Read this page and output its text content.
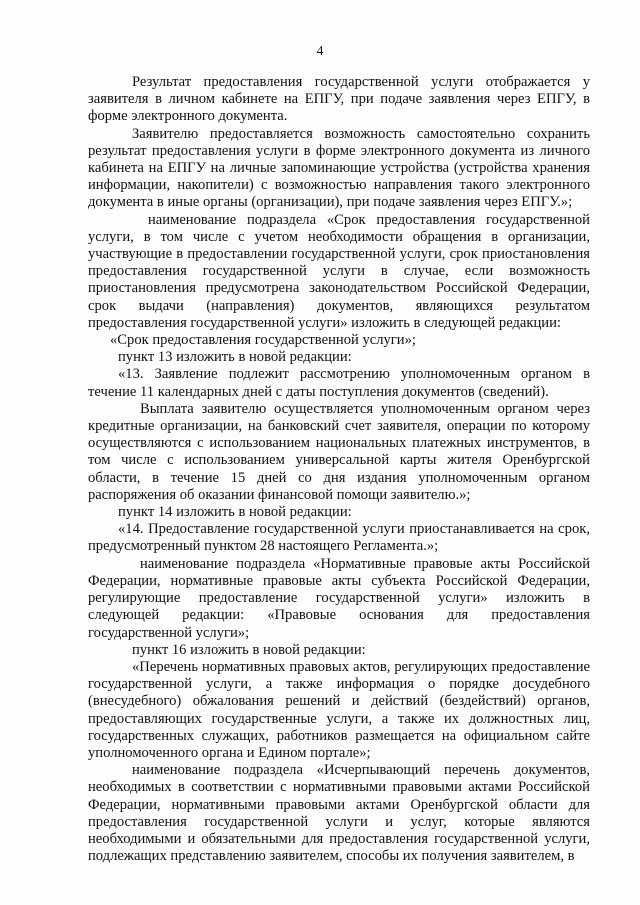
4

Результат предоставления государственной услуги отображается у заявителя в личном кабинете на ЕПГУ, при подаче заявления через ЕПГУ, в форме электронного документа.

Заявителю предоставляется возможность самостоятельно сохранить результат предоставления услуги в форме электронного документа из личного кабинета на ЕПГУ на личные запоминающие устройства (устройства хранения информации, накопители) с возможностью направления такого электронного документа в иные органы (организации), при подаче заявления через ЕПГУ.»;

наименование подраздела «Срок предоставления государственной услуги, в том числе с учетом необходимости обращения в организации, участвующие в предоставлении государственной услуги, срок приостановления предоставления государственной услуги в случае, если возможность приостановления предусмотрена законодательством Российской Федерации, срок выдачи (направления) документов, являющихся результатом предоставления государственной услуги» изложить в следующей редакции:

«Срок предоставления государственной услуги»;

пункт 13 изложить в новой редакции:

«13. Заявление подлежит рассмотрению уполномоченным органом в течение 11 календарных дней с даты поступления документов (сведений).

Выплата заявителю осуществляется уполномоченным органом через кредитные организации, на банковский счет заявителя, операции по которому осуществляются с использованием национальных платежных инструментов, в том числе с использованием универсальной карты жителя Оренбургской области, в течение 15 дней со дня издания уполномоченным органом распоряжения об оказании финансовой помощи заявителю.»;

пункт 14 изложить в новой редакции:

«14. Предоставление государственной услуги приостанавливается на срок, предусмотренный пунктом 28 настоящего Регламента.»;

наименование подраздела «Нормативные правовые акты Российской Федерации, нормативные правовые акты субъекта Российской Федерации, регулирующие предоставление государственной услуги» изложить в следующей редакции: «Правовые основания для предоставления государственной услуги»;

пункт 16 изложить в новой редакции:

«Перечень нормативных правовых актов, регулирующих предоставление государственной услуги, а также информация о порядке досудебного (внесудебного) обжалования решений и действий (бездействий) органов, предоставляющих государственные услуги, а также их должностных лиц, государственных служащих, работников размещается на официальном сайте уполномоченного органа и Едином портале»;

наименование подраздела «Исчерпывающий перечень документов, необходимых в соответствии с нормативными правовыми актами Российской Федерации, нормативными правовыми актами Оренбургской области для предоставления государственной услуги и услуг, которые являются необходимыми и обязательными для предоставления государственной услуги, подлежащих представлению заявителем, способы их получения заявителем, в
